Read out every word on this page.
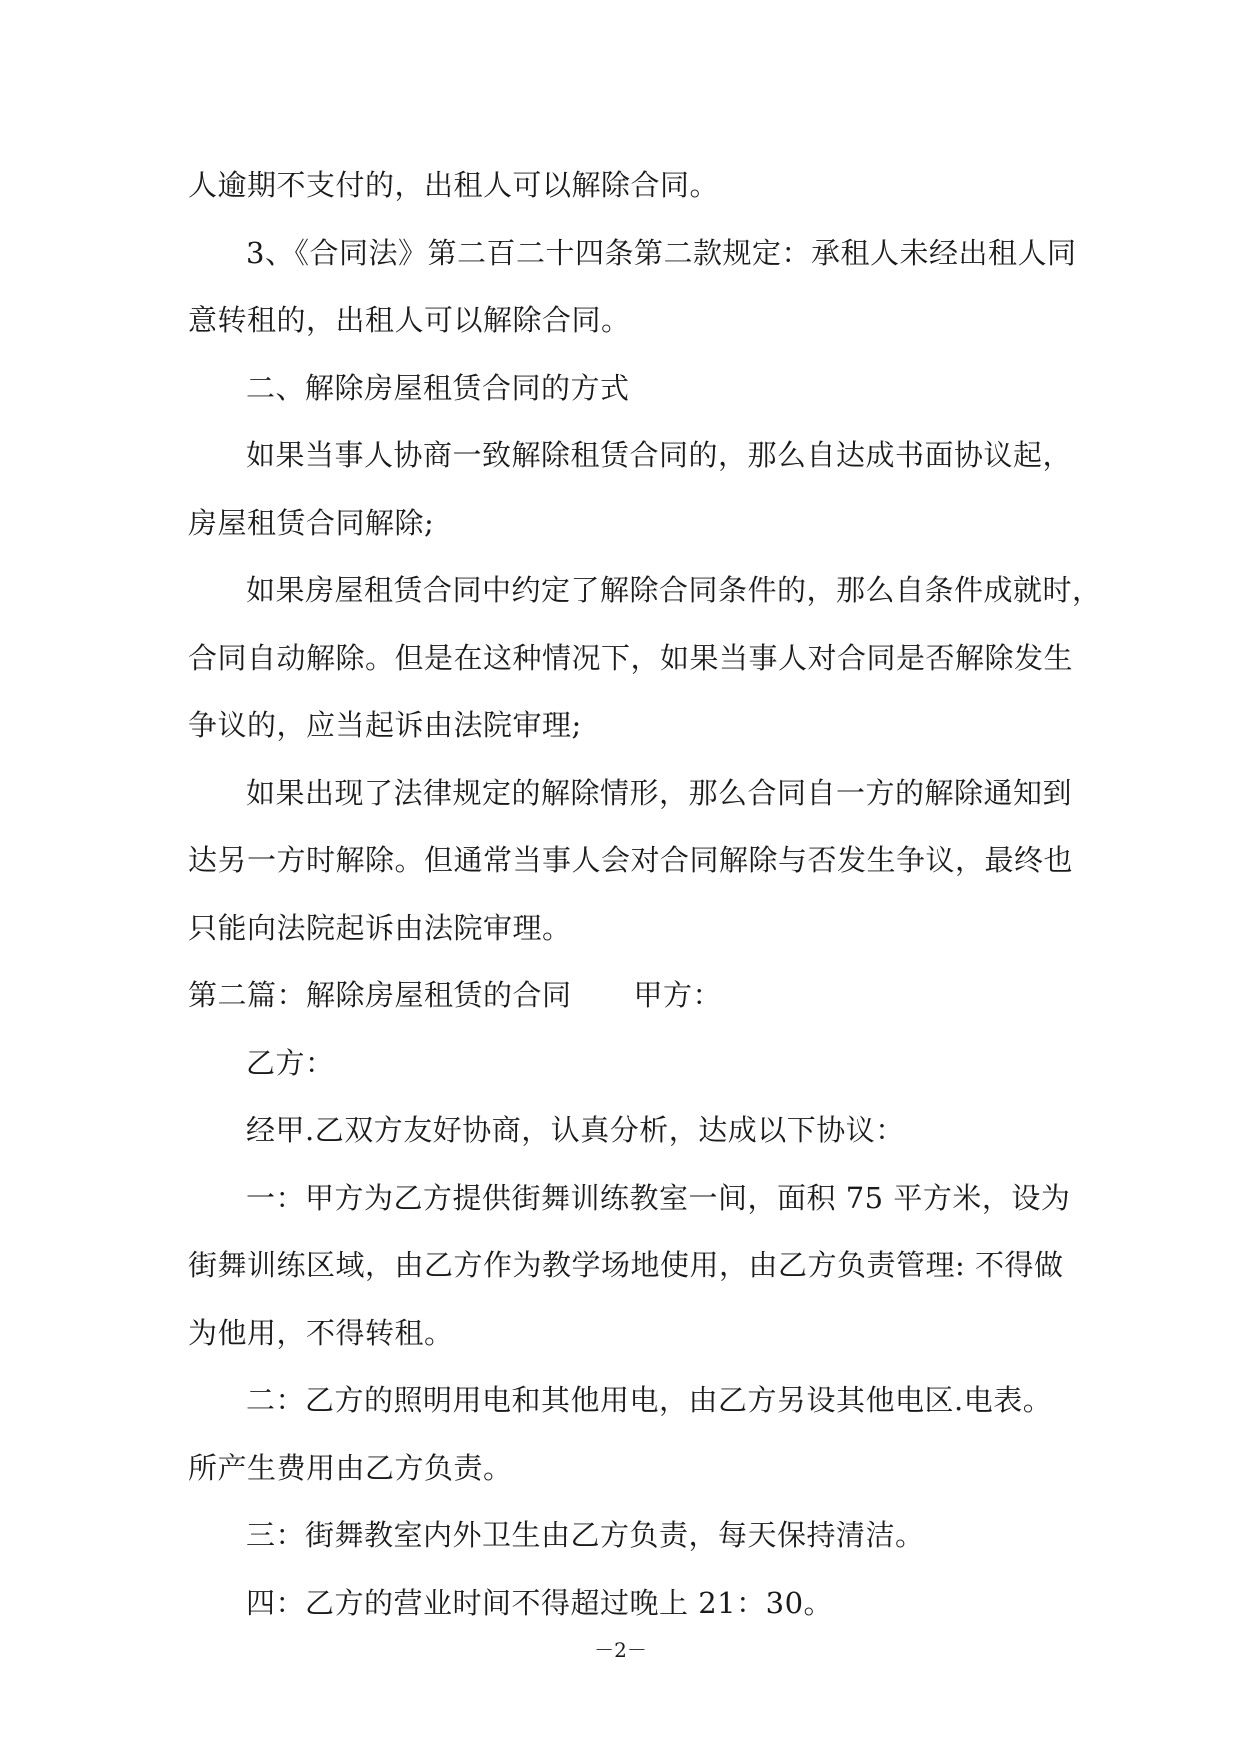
人逾期不支付的，出租人可以解除合同。
3、《合同法》第二百二十四条第二款规定：承租人未经出租人同
意转租的，出租人可以解除合同。
二、解除房屋租赁合同的方式
如果当事人协商一致解除租赁合同的，那么自达成书面协议起，
房屋租赁合同解除;
如果房屋租赁合同中约定了解除合同条件的，那么自条件成就时，
合同自动解除。但是在这种情况下，如果当事人对合同是否解除发生
争议的，应当起诉由法院审理;
如果出现了法律规定的解除情形，那么合同自一方的解除通知到
达另一方时解除。但通常当事人会对合同解除与否发生争议，最终也
只能向法院起诉由法院审理。
第二篇：解除房屋租赁的合同 甲方：
乙方：
经甲.乙双方友好协商，认真分析，达成以下协议：
一：甲方为乙方提供街舞训练教室一间，面积 75 平方米，设为
街舞训练区域，由乙方作为教学场地使用，由乙方负责管理: 不得做
为他用，不得转租。
二：乙方的照明用电和其他用电，由乙方另设其他电区.电表。
所产生费用由乙方负责。
三：街舞教室内外卫生由乙方负责，每天保持清洁。
四：乙方的营业时间不得超过晚上 21：30。
－2－
